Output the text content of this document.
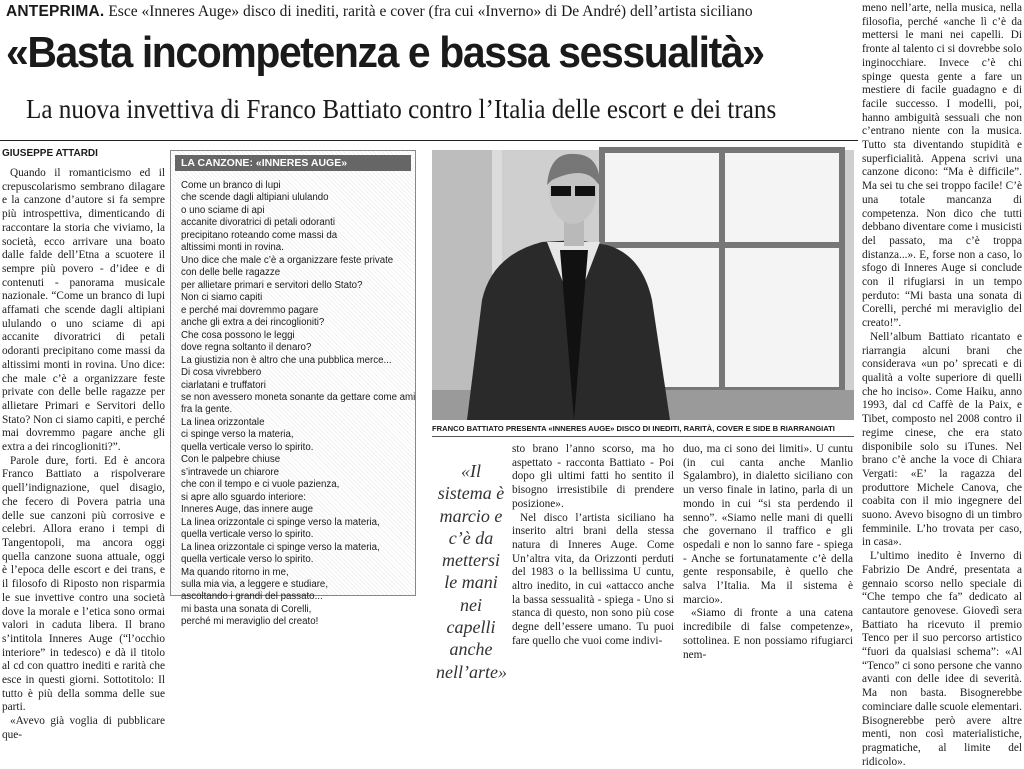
ANTEPRIMA. Esce «Inneres Auge» disco di inediti, rarità e cover (fra cui «Inverno» di De André) dell’artista siciliano
«Basta incompetenza e bassa sessualità»
La nuova invettiva di Franco Battiato contro l’Italia delle escort e dei trans
GIUSEPPE ATTARDI

Quando il romanticismo ed il crepuscolarismo sembrano dilagare e la canzone d’autore si fa sempre più introspettiva, dimenticando di raccontare la storia che viviamo, la società, ecco arrivare una boato dalle falde dell’Etna a scuotere il sempre più povero - d’idee e di contenuti - panorama musicale nazionale. “Come un branco di lupi affamati che scende dagli altipiani ululando o uno sciame di api accanite divoratrici di petali odoranti precipitano come massi da altissimi monti in rovina. Uno dice: che male c’è a organizzare feste private con delle belle ragazze per allietare Primari e Servitori dello Stato? Non ci siamo capiti, e perché mai dovremmo pagare anche gli extra a dei rincoglioniti?”.

Parole dure, forti. Ed è ancora Franco Battiato a rispolverare quell’indignazione, quel disagio, che fecero di Povera patria una delle sue canzoni più corrosive e celebri. Allora erano i tempi di Tangentopoli, ma ancora oggi quella canzone suona attuale, oggi è l’epoca delle escort e dei trans, e il filosofo di Riposto non risparmia le sue invettive contro una società dove la morale e l’etica sono ormai valori in caduta libera. Il brano s’intitola Inneres Auge (“l’occhio interiore” in tedesco) e dà il titolo al cd con quattro inediti e rarità che esce in questi giorni. Sottotitolo: Il tutto è più della somma delle sue parti.

«Avevo già voglia di pubblicare que-

LA CANZONE: «INNERES AUGE»
Come un branco di lupi
che scende dagli altipiani ululando
o uno sciame di api
accanite divoratrici di petali odoranti
precipitano roteando come massi da
altissimi monti in rovina.
Uno dice che male c’è a organizzare feste private
con delle belle ragazze
per allietare primari e servitori dello Stato?
Non ci siamo capiti
e perché mai dovremmo pagare
anche gli extra a dei rincoglioniti?
Che cosa possono le leggi
dove regna soltanto il denaro?
La giustizia non è altro che una pubblica merce...
Di cosa vivrebbero
ciarlatani e truffatori
se non avessero moneta sonante da gettare come ami
fra la gente.
La linea orizzontale
ci spinge verso la materia,
quella verticale verso lo spirito.
Con le palpebre chiuse
s’intravede un chiarore
che con il tempo e ci vuole pazienza,
si apre allo sguardo interiore:
Inneres Auge, das innere auge
La linea orizzontale ci spinge verso la materia,
quella verticale verso lo spirito.
La linea orizzontale ci spinge verso la materia,
quella verticale verso lo spirito.
Ma quando ritorno in me,
sulla mia via, a leggere e studiare,
ascoltando i grandi del passato...
mi basta una sonata di Corelli,
perché mi meraviglio del creato!
FRANCO BATTIATO PRESENTA «INNERES AUGE» DISCO DI INEDITI, RARITÀ, COVER E SIDE B RIARRANGIATI
«Il sistema è marcio e c’è da mettersi le mani nei capelli anche nell’arte»

sto brano l’anno scorso, ma ho aspettato - racconta Battiato - Poi dopo gli ultimi fatti ho sentito il bisogno irresistibile di prendere posizione».

Nel disco l’artista siciliano ha inserito altri brani della stessa natura di Inneres Auge. Come Un’altra vita, da Orizzonti perduti del 1983 o la bellissima U cuntu, altro inedito, in cui «attacco anche la bassa sessualità - spiega - Uno si stanca di questo, non sono più cose degne dell’essere umano. Tu puoi fare quello che vuoi come indivi-

duo, ma ci sono dei limiti». U cuntu (in cui canta anche Manlio Sgalambro), in dialetto siciliano con un verso finale in latino, parla di un mondo in cui “si sta perdendo il senno”. «Siamo nelle mani di quelli che governano il traffico e gli ospedali e non lo sanno fare - spiega - Anche se fortunatamente c’è della gente responsabile, è quello che salva l’Italia. Ma il sistema è marcio».

«Siamo di fronte a una catena incredibile di false competenze», sottolinea. E non possiamo rifugiarci nem-

meno nell’arte, nella musica, nella filosofia, perché «anche lì c’è da mettersi le mani nei capelli. Di fronte al talento ci si dovrebbe solo inginocchiare. Invece c’è chi spinge questa gente a fare un mestiere di facile guadagno e di facile successo. I modelli, poi, hanno ambiguità sessuali che non c’entrano niente con la musica. Tutto sta diventando stupidità e superficialità. Appena scrivi una canzone dicono: “Ma è difficile”. Ma sei tu che sei troppo facile! C’è una totale mancanza di competenza. Non dico che tutti debbano diventare come i musicisti del passato, ma c’è troppa distanza...». E, forse non a caso, lo sfogo di Inneres Auge si conclude con il rifugiarsi in un tempo perduto: “Mi basta una sonata di Corelli, perché mi meraviglio del creato!”.

Nell’album Battiato ricantato e riarrangia alcuni brani che considerava «un po’ sprecati e di qualità a volte superiore di quelli che ho inciso». Come Haiku, anno 1993, dal cd Caffè de la Paix, e Tibet, composto nel 2008 contro il regime cinese, che era stato disponibile solo su iTunes. Nel brano c’è anche la voce di Chiara Vergati: «E’ la ragazza del produttore Michele Canova, che coabita con il mio ingegnere del suono. Avevo bisogno di un timbro femminile. L’ho trovata per caso, in casa».

L’ultimo inedito è Inverno di Fabrizio De André, presentata a gennaio scorso nello speciale di “Che tempo che fa” dedicato al cantautore genovese. Giovedì sera Battiato ha ricevuto il premio Tenco per il suo percorso artistico “fuori da qualsiasi schema”: «Al “Tenco” ci sono persone che vanno avanti con delle idee di severità. Ma non basta. Bisognerebbe cominciare dalle scuole elementari. Bisognerebbe però avere altre menti, non così materialistiche, pragmatiche, al limite del ridicolo».
